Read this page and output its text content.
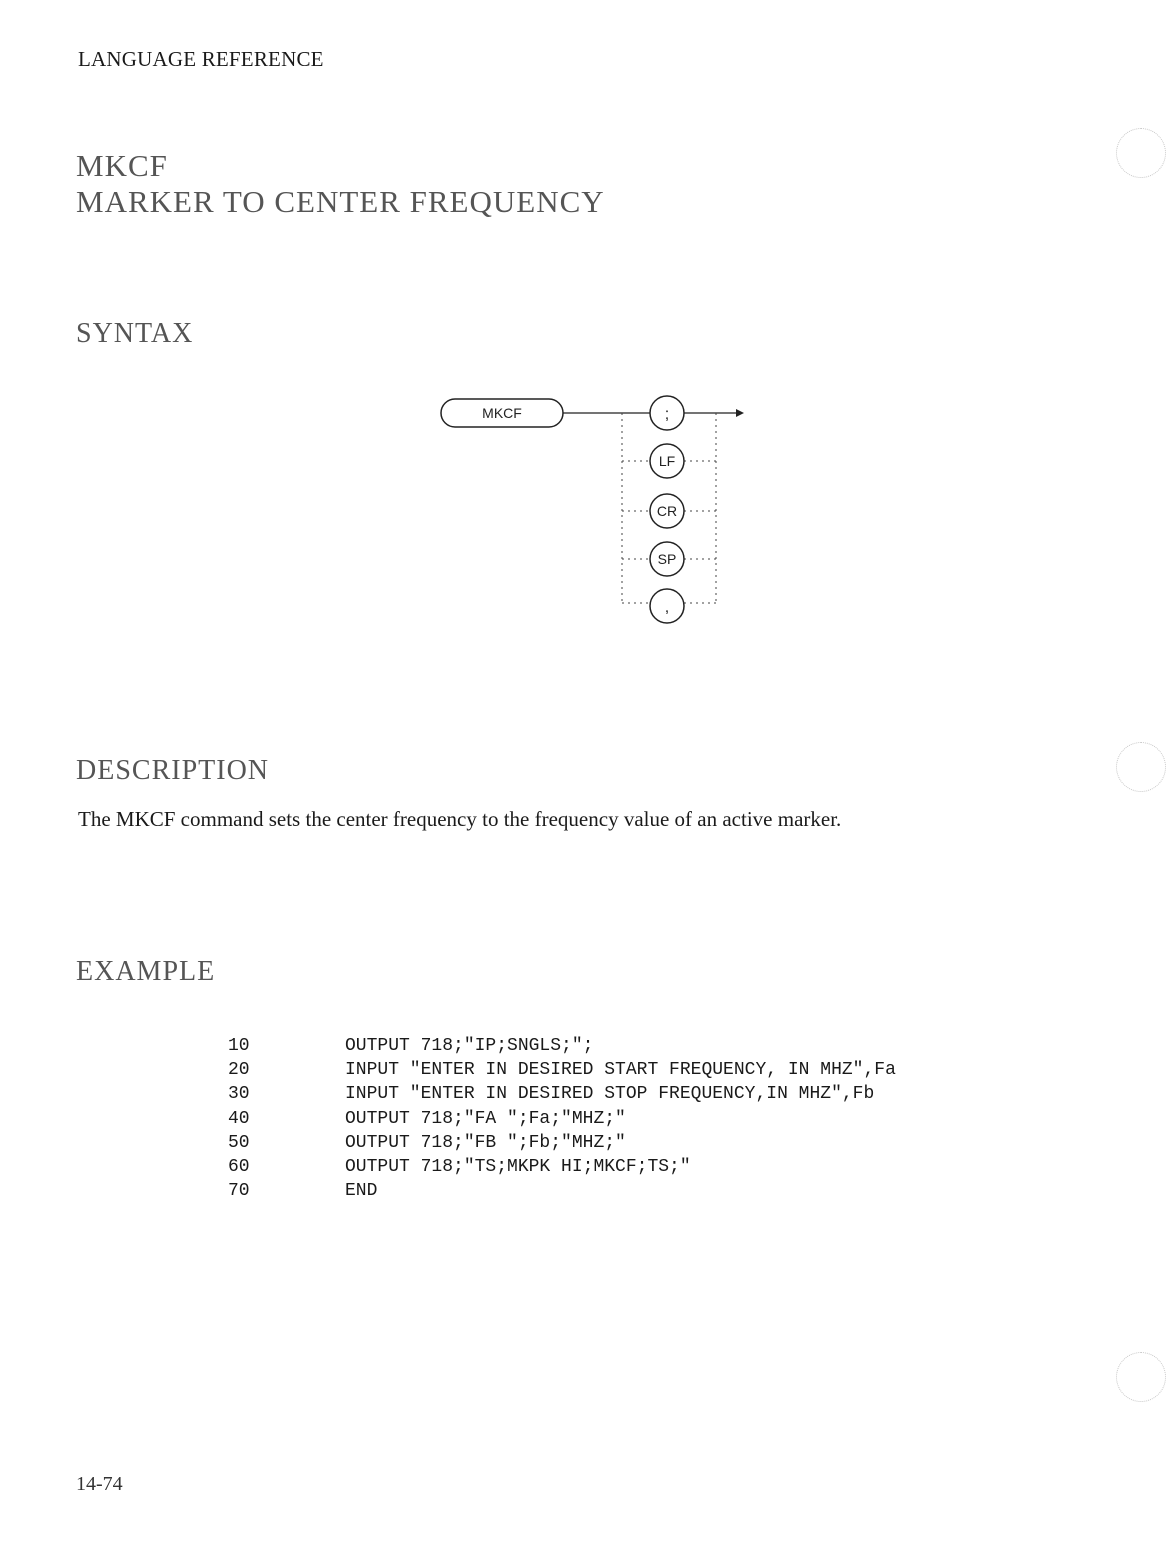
LANGUAGE REFERENCE
MKCF
MARKER TO CENTER FREQUENCY
SYNTAX
MKCF	;
LF
CR
SP
,
DESCRIPTION
The MKCF command sets the center frequency to the frequency value of an active marker.
EXAMPLE
10
20
30
40
50
60
70
OUTPUT 718;"IP;SNGLS;";
INPUT "ENTER IN DESIRED START FREQUENCY, IN MHZ",Fa
INPUT "ENTER IN DESIRED STOP FREQUENCY,IN MHZ",Fb
OUTPUT 718;"FA ";Fa;"MHZ;"
OUTPUT 718;"FB ";Fb;"MHZ;"
OUTPUT 718;"TS;MKPK HI;MKCF;TS;"
END
14-74
